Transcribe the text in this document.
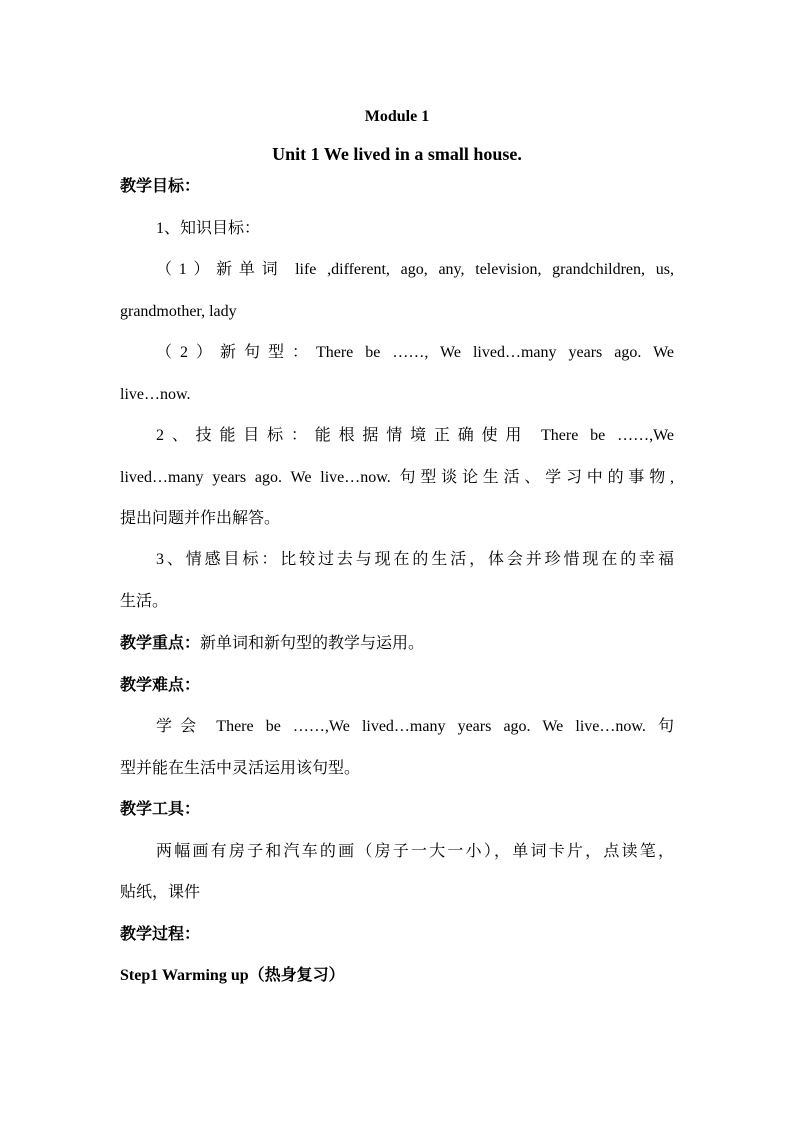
Module 1
Unit 1 We lived in a small house.
教学目标：
1、知识目标：
（1）新单词 life ,different, ago, any, television, grandchildren, us,
grandmother, lady
（2）新句型：There be ……, We lived…many years ago. We
live…now.
2、技能目标：能根据情境正确使用 There be ……,We
lived…many years ago. We live…now. 句型谈论生活、学习中的事物,
提出问题并作出解答。
3、情感目标：比较过去与现在的生活，体会并珍惜现在的幸福
生活。
教学重点：新单词和新句型的教学与运用。
教学难点：
学会 There be ……,We lived…many years ago. We live…now. 句
型并能在生活中灵活运用该句型。
教学工具：
两幅画有房子和汽车的画（房子一大一小），单词卡片，点读笔，
贴纸，课件
教学过程：
Step1 Warming up（热身复习）
